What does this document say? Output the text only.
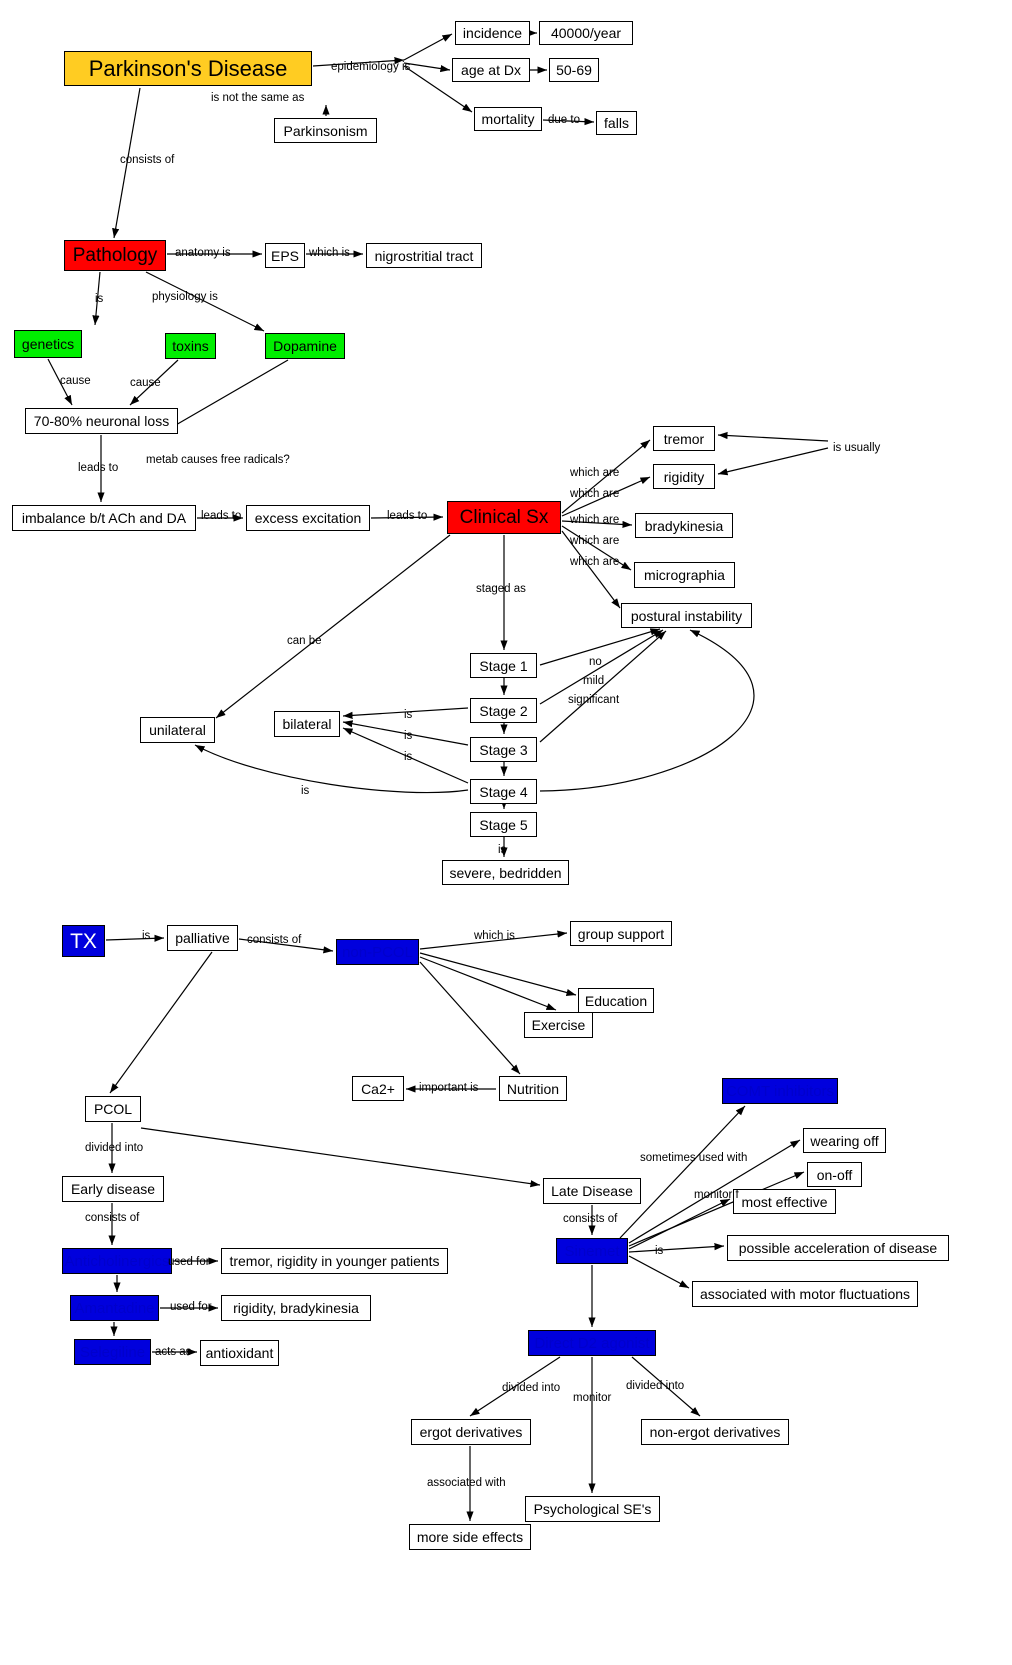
Parkinson's Disease
incidence	40000/year
age at Dx	50-69
mortality	falls
Parkinsonism
Pathology	EPS	nigrostritial tract
genetics	toxins	Dopamine
70-80% neuronal loss
imbalance b/t ACh and DA	excess excitation	Clinical Sx
tremor
rigidity
bradykinesia
micrographia
postural instability
unilateral	bilateral
Stage 1
Stage 2
Stage 3
Stage 4
Stage 5
severe, bedridden
TX	palliative
non-PCOL
group support
Education
Exercise
Nutrition
Ca2+
PCOL
Early disease
Anticholinergics
Amantadine
Selegiline
tremor, rigidity in younger patients
rigidity, bradykinesia
antioxidant
Late Disease
Sinemet
COMT inhibitors
wearing off
on-off
most effective
possible acceleration of disease
associated with motor fluctuations
Direct D2 agonist
ergot derivatives	non-ergot derivatives
Psychological SE's
more side effects
epidemiology is
is not the same as
due to
consists of
anatomy is	which is
is	physiology is
cause	cause
leads to
metab causes free radicals?
leads to	leads to
which are
which are
which are
which are
which are
is usually
staged as
can be
no
mild
significant
is
is
is
is
is
is	consists of	which is
important is
divided into
consists of
used for
used for
acts as
consists of
sometimes used with
monitor f
is
divided into	divided into
monitor
associated with
